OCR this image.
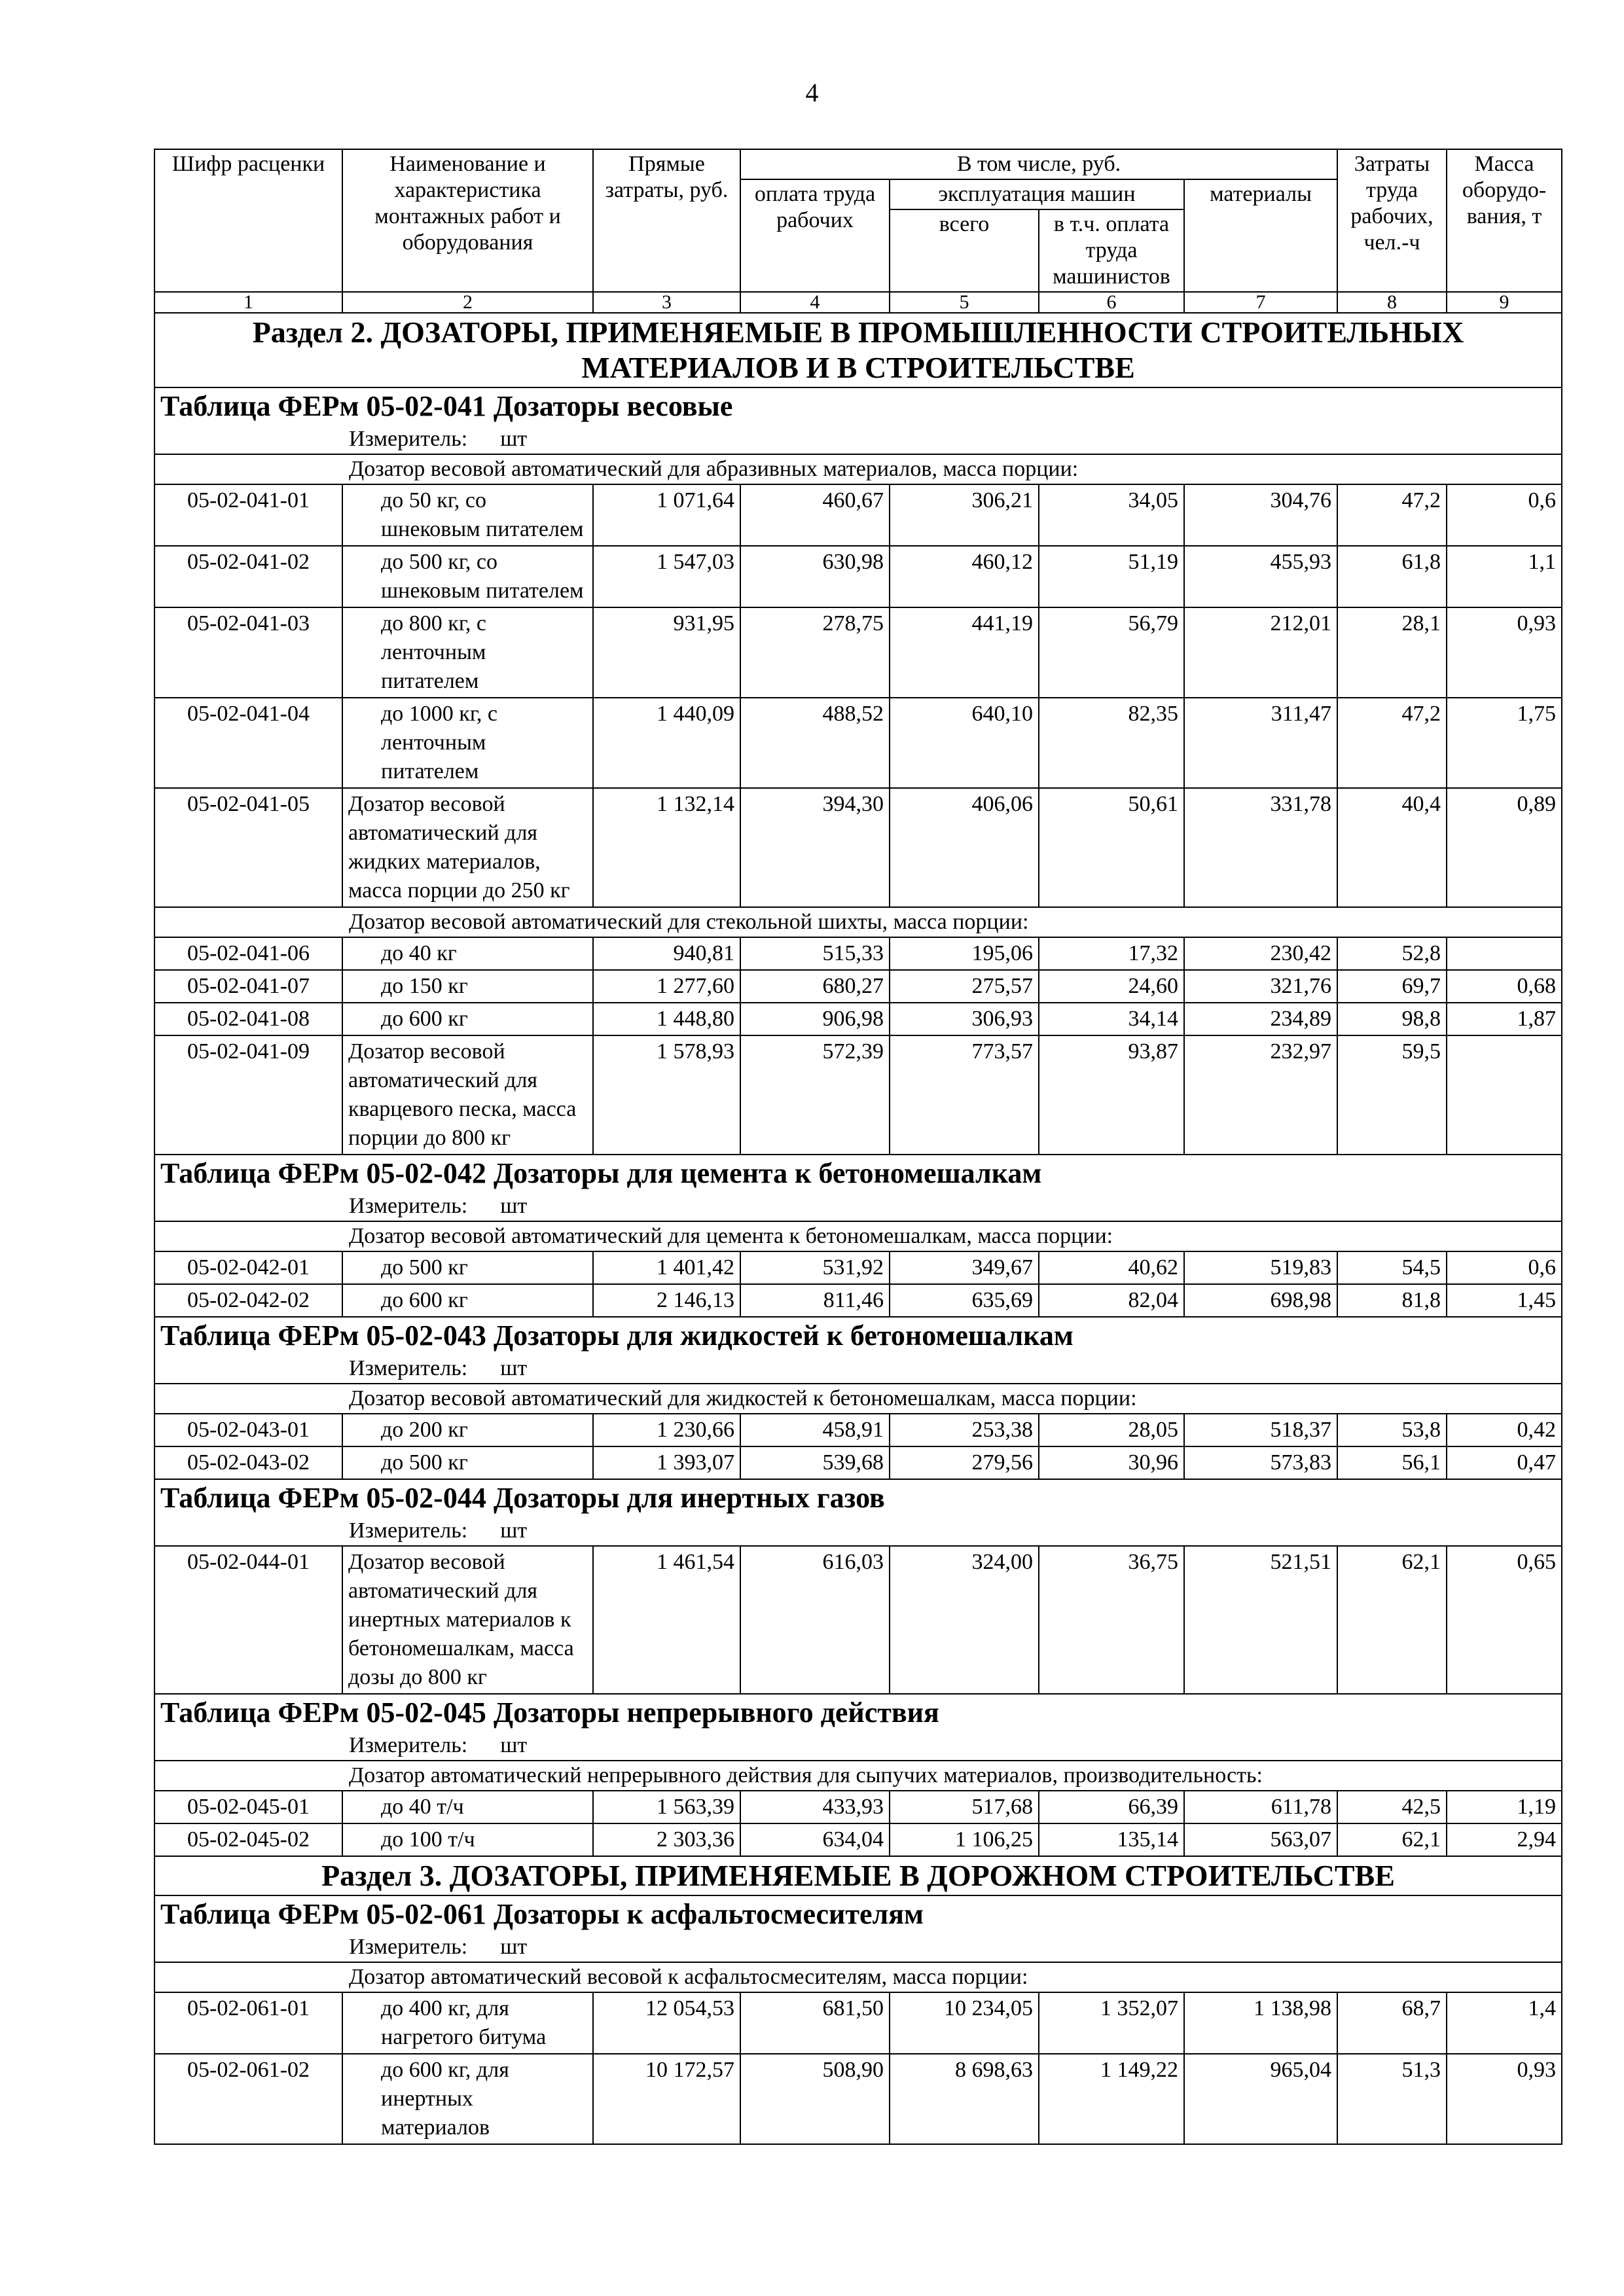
4
Шифр расценки	Наименование и характеристика монтажных работ и оборудования	Прямые затраты, руб.	В том числе, руб.				Затраты труда рабочих, чел.-ч	Масса оборудо-вания, т
			оплата труда рабочих	эксплуатация машин		материалы		
				всего	в т.ч. оплата труда машинистов			
1	2	3	4	5	6	7	8	9
Раздел 2. ДОЗАТОРЫ, ПРИМЕНЯЕМЫЕ В ПРОМЫШЛЕННОСТИ СТРОИТЕЛЬНЫХ МАТЕРИАЛОВ И В СТРОИТЕЛЬСТВЕ								
Таблица ФЕРм 05-02-041 Дозаторы весовые								
Измеритель: шт								
Дозатор весовой автоматический для абразивных материалов, масса порции:								
05-02-041-01	до 50 кг, со шнековым питателем	1 071,64	460,67	306,21	34,05	304,76	47,2	0,6
05-02-041-02	до 500 кг, со шнековым питателем	1 547,03	630,98	460,12	51,19	455,93	61,8	1,1
05-02-041-03	до 800 кг, с ленточным питателем	931,95	278,75	441,19	56,79	212,01	28,1	0,93
05-02-041-04	до 1000 кг, с ленточным питателем	1 440,09	488,52	640,10	82,35	311,47	47,2	1,75
05-02-041-05	Дозатор весовой автоматический для жидких материалов, масса порции до 250 кг	1 132,14	394,30	406,06	50,61	331,78	40,4	0,89
Дозатор весовой автоматический для стекольной шихты, масса порции:								
05-02-041-06	до 40 кг	940,81	515,33	195,06	17,32	230,42	52,8	
05-02-041-07	до 150 кг	1 277,60	680,27	275,57	24,60	321,76	69,7	0,68
05-02-041-08	до 600 кг	1 448,80	906,98	306,93	34,14	234,89	98,8	1,87
05-02-041-09	Дозатор весовой автоматический для кварцевого песка, масса порции до 800 кг	1 578,93	572,39	773,57	93,87	232,97	59,5	
Таблица ФЕРм 05-02-042 Дозаторы для цемента к бетономешалкам								
Измеритель: шт								
Дозатор весовой автоматический для цемента к бетономешалкам, масса порции:								
05-02-042-01	до 500 кг	1 401,42	531,92	349,67	40,62	519,83	54,5	0,6
05-02-042-02	до 600 кг	2 146,13	811,46	635,69	82,04	698,98	81,8	1,45
Таблица ФЕРм 05-02-043 Дозаторы для жидкостей к бетономешалкам								
Измеритель: шт								
Дозатор весовой автоматический для жидкостей к бетономешалкам, масса порции:								
05-02-043-01	до 200 кг	1 230,66	458,91	253,38	28,05	518,37	53,8	0,42
05-02-043-02	до 500 кг	1 393,07	539,68	279,56	30,96	573,83	56,1	0,47
Таблица ФЕРм 05-02-044 Дозаторы для инертных газов								
Измеритель: шт								
05-02-044-01	Дозатор весовой автоматический для инертных материалов к бетономешалкам, масса дозы до 800 кг	1 461,54	616,03	324,00	36,75	521,51	62,1	0,65
Таблица ФЕРм 05-02-045 Дозаторы непрерывного действия								
Измеритель: шт								
Дозатор автоматический непрерывного действия для сыпучих материалов, производительность:								
05-02-045-01	до 40 т/ч	1 563,39	433,93	517,68	66,39	611,78	42,5	1,19
05-02-045-02	до 100 т/ч	2 303,36	634,04	1 106,25	135,14	563,07	62,1	2,94
Раздел 3. ДОЗАТОРЫ, ПРИМЕНЯЕМЫЕ В ДОРОЖНОМ СТРОИТЕЛЬСТВЕ								
Таблица ФЕРм 05-02-061 Дозаторы к асфальтосмесителям								
Измеритель: шт								
Дозатор автоматический весовой к асфальтосмесителям, масса порции:								
05-02-061-01	до 400 кг, для нагретого битума	12 054,53	681,50	10 234,05	1 352,07	1 138,98	68,7	1,4
05-02-061-02	до 600 кг, для инертных материалов	10 172,57	508,90	8 698,63	1 149,22	965,04	51,3	0,93
